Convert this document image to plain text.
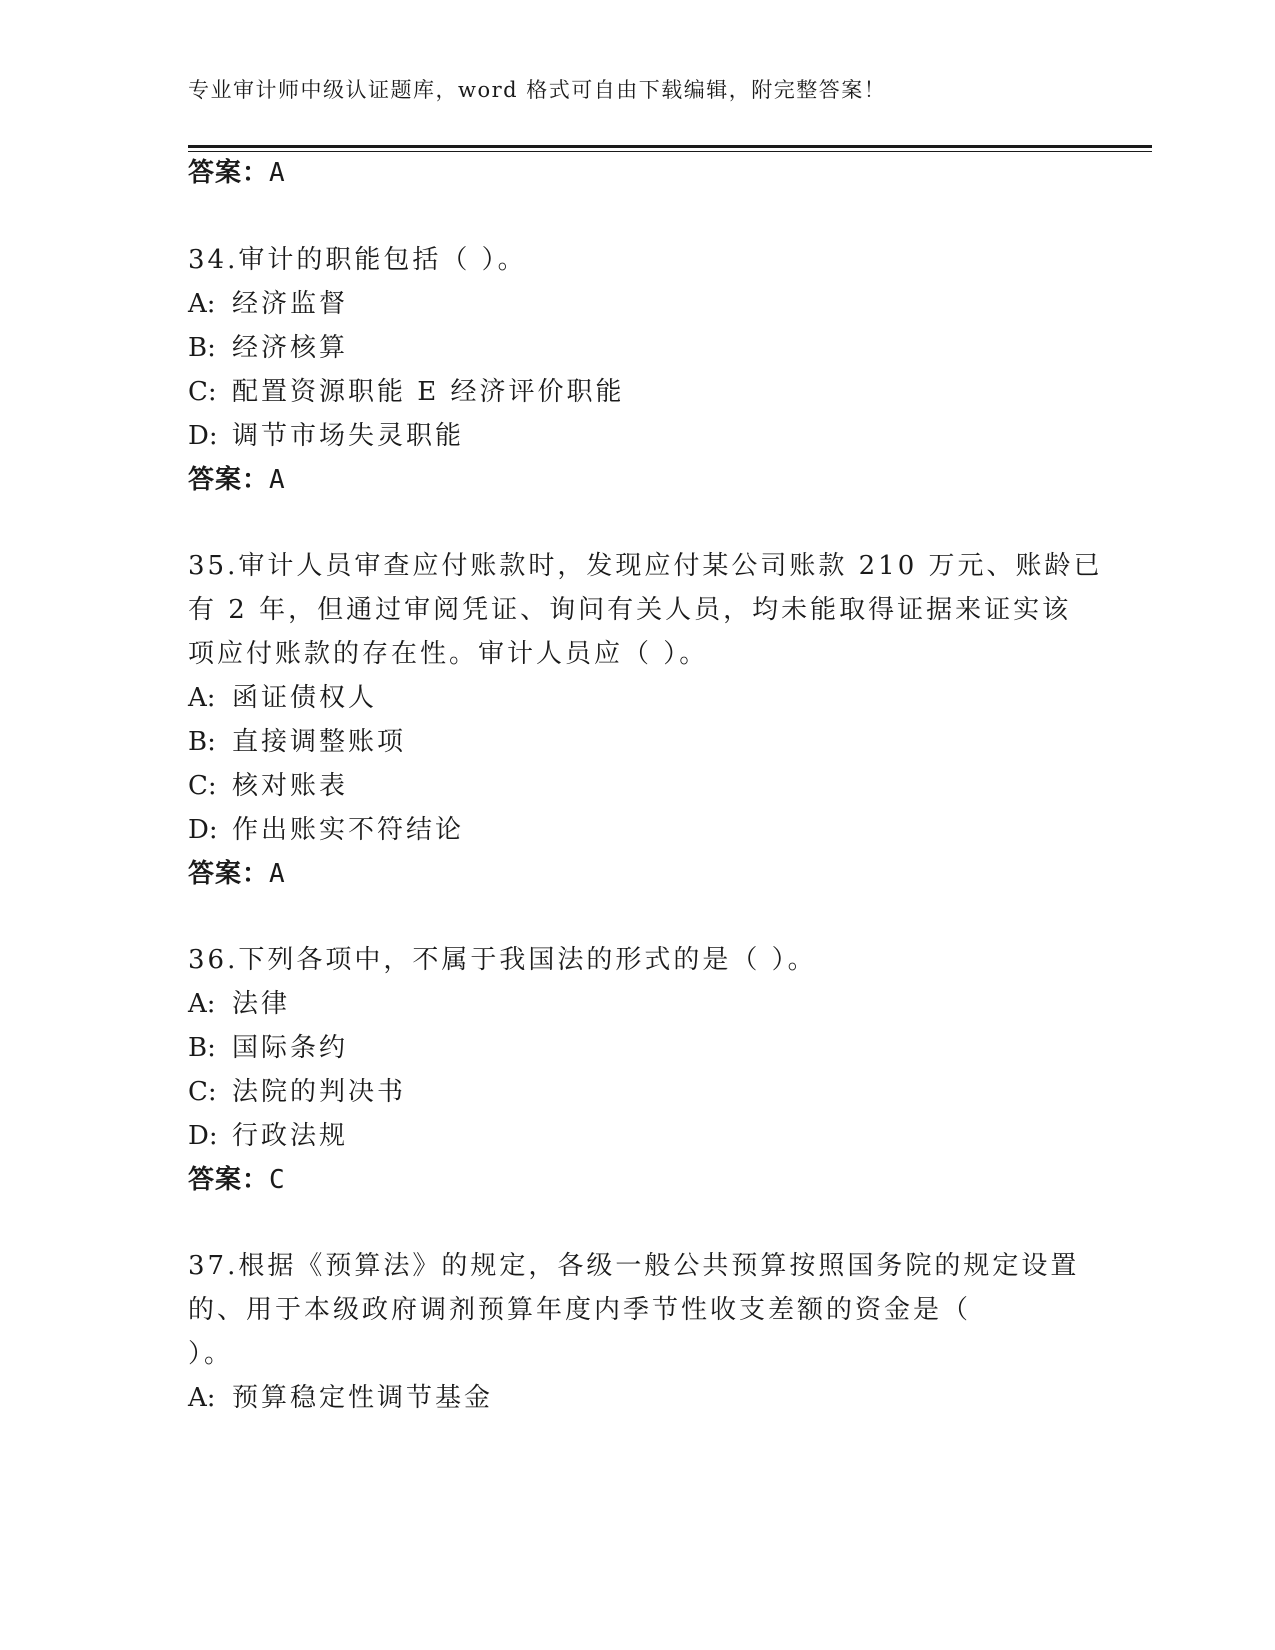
专业审计师中级认证题库，word 格式可自由下载编辑，附完整答案！
答案：A
34.审计的职能包括（ ）。
A: 经济监督
B: 经济核算
C: 配置资源职能 E 经济评价职能
D: 调节市场失灵职能
答案：A
35.审计人员审查应付账款时，发现应付某公司账款 210 万元、账龄已
有 2 年，但通过审阅凭证、询问有关人员，均未能取得证据来证实该
项应付账款的存在性。审计人员应（ ）。
A: 函证债权人
B: 直接调整账项
C: 核对账表
D: 作出账实不符结论
答案：A
36.下列各项中，不属于我国法的形式的是（ ）。
A: 法律
B: 国际条约
C: 法院的判决书
D: 行政法规
答案：C
37.根据《预算法》的规定，各级一般公共预算按照国务院的规定设置
的、用于本级政府调剂预算年度内季节性收支差额的资金是（
）。
A: 预算稳定性调节基金
